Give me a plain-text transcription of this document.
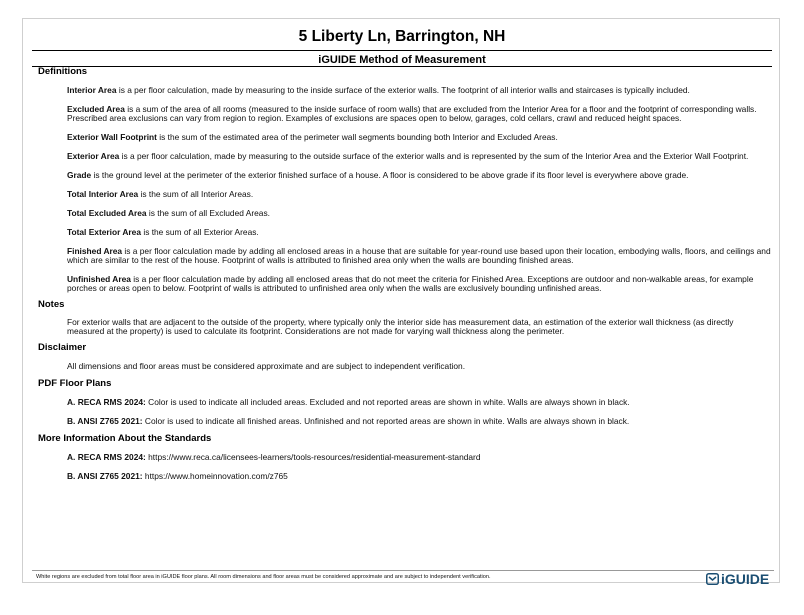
5 Liberty Ln, Barrington, NH
iGUIDE Method of Measurement
Definitions
Interior Area is a per floor calculation, made by measuring to the inside surface of the exterior walls. The footprint of all interior walls and staircases is typically included.
Excluded Area is a sum of the area of all rooms (measured to the inside surface of room walls) that are excluded from the Interior Area for a floor and the footprint of corresponding walls. Prescribed area exclusions can vary from region to region. Examples of exclusions are spaces open to below, garages, cold cellars, crawl and reduced height spaces.
Exterior Wall Footprint is the sum of the estimated area of the perimeter wall segments bounding both Interior and Excluded Areas.
Exterior Area is a per floor calculation, made by measuring to the outside surface of the exterior walls and is represented by the sum of the Interior Area and the Exterior Wall Footprint.
Grade is the ground level at the perimeter of the exterior finished surface of a house. A floor is considered to be above grade if its floor level is everywhere above grade.
Total Interior Area is the sum of all Interior Areas.
Total Excluded Area is the sum of all Excluded Areas.
Total Exterior Area is the sum of all Exterior Areas.
Finished Area is a per floor calculation made by adding all enclosed areas in a house that are suitable for year-round use based upon their location, embodying walls, floors, and ceilings and which are similar to the rest of the house. Footprint of walls is attributed to finished area only when the walls are bounding finished areas.
Unfinished Area is a per floor calculation made by adding all enclosed areas that do not meet the criteria for Finished Area. Exceptions are outdoor and non-walkable areas, for example porches or areas open to below. Footprint of walls is attributed to unfinished area only when the walls are exclusively bounding unfinished areas.
Notes
For exterior walls that are adjacent to the outside of the property, where typically only the interior side has measurement data, an estimation of the exterior wall thickness (as directly measured at the property) is used to calculate its footprint. Considerations are not made for varying wall thickness along the perimeter.
Disclaimer
All dimensions and floor areas must be considered approximate and are subject to independent verification.
PDF Floor Plans
A. RECA RMS 2024: Color is used to indicate all included areas. Excluded and not reported areas are shown in white. Walls are always shown in black.
B. ANSI Z765 2021: Color is used to indicate all finished areas. Unfinished and not reported areas are shown in white. Walls are always shown in black.
More Information About the Standards
A. RECA RMS 2024: https://www.reca.ca/licensees-learners/tools-resources/residential-measurement-standard
B. ANSI Z765 2021: https://www.homeinnovation.com/z765
White regions are excluded from total floor area in iGUIDE floor plans. All room dimensions and floor areas must be considered approximate and are subject to independent verification.	iGUIDE
